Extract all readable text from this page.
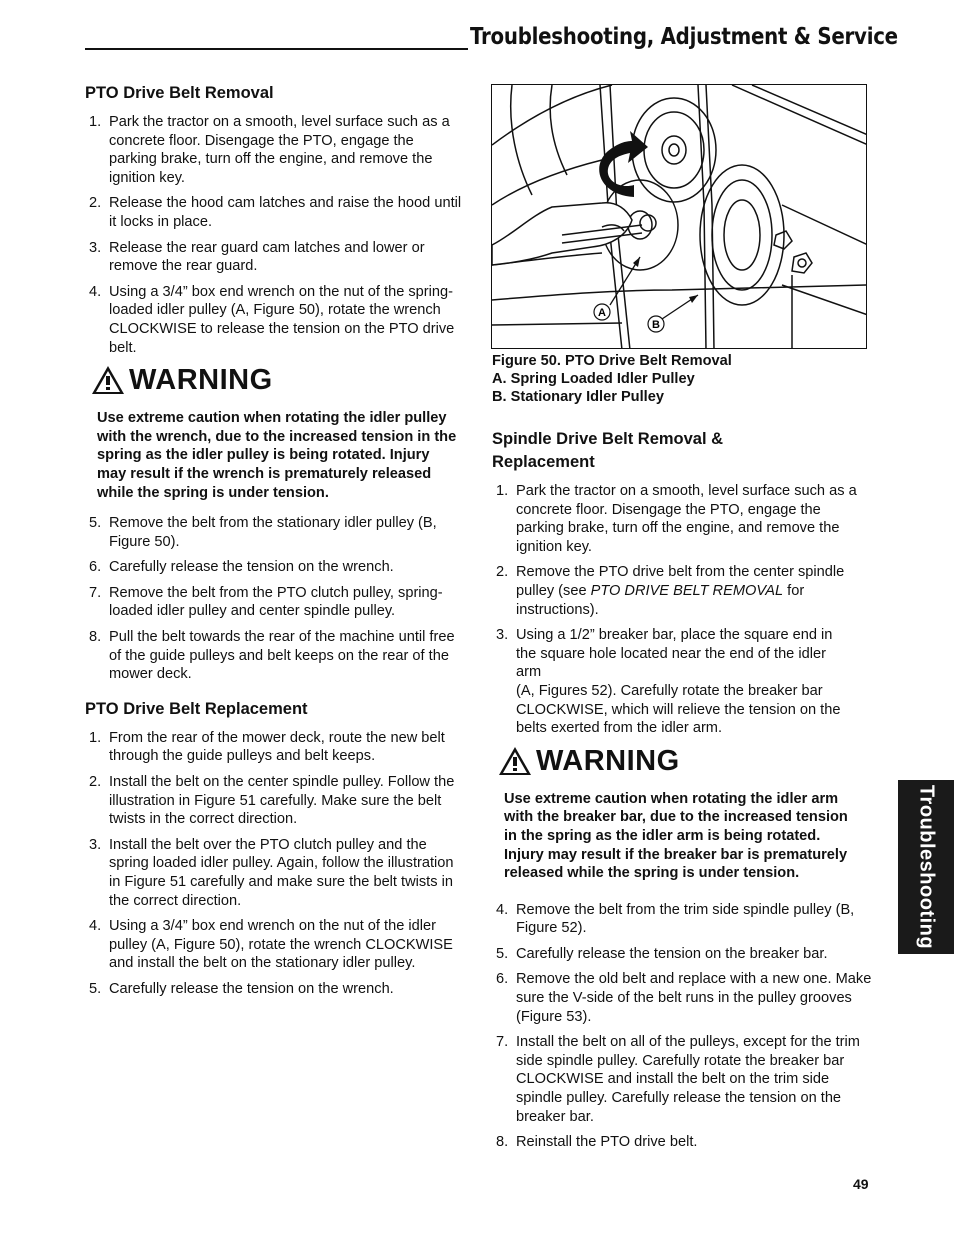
Troubleshooting, Adjustment & Service
PTO Drive Belt Removal
1. Park the tractor on a smooth, level surface such as a concrete floor. Disengage the PTO, engage the parking brake, turn off the engine, and remove the ignition key.
2. Release the hood cam latches and raise the hood until it locks in place.
3. Release the rear guard cam latches and lower or remove the rear guard.
4. Using a 3/4” box end wrench on the nut of the spring-loaded idler pulley (A, Figure 50), rotate the wrench CLOCKWISE to release the tension on the PTO drive belt.
WARNING
Use extreme caution when rotating the idler pulley with the wrench, due to the increased tension in the spring as the idler pulley is being rotated. Injury may result if the wrench is prematurely released while the spring is under tension.
5. Remove the belt from the stationary idler pulley (B, Figure 50).
6. Carefully release the tension on the wrench.
7. Remove the belt from the PTO clutch pulley, spring-loaded idler pulley and center spindle pulley.
8. Pull the belt towards the rear of the machine until free of the guide pulleys and belt keeps on the rear of the mower deck.
PTO Drive Belt Replacement
1. From the rear of the mower deck, route the new belt through the guide pulleys and belt keeps.
2. Install the belt on the center spindle pulley. Follow the illustration in Figure 51 carefully. Make sure the belt twists in the correct direction.
3. Install the belt over the PTO clutch pulley and the spring loaded idler pulley. Again, follow the illustration in Figure 51 carefully and make sure the belt twists in the correct direction.
4. Using a 3/4” box end wrench on the nut of the idler pulley (A, Figure 50), rotate the wrench CLOCKWISE and install the belt on the stationary idler pulley.
5. Carefully release the tension on the wrench.
A
B
Figure 50. PTO Drive Belt Removal
A. Spring Loaded Idler Pulley
B. Stationary Idler Pulley
Spindle Drive Belt Removal & Replacement
1. Park the tractor on a smooth, level surface such as a concrete floor. Disengage the PTO, engage the parking brake, turn off the engine, and remove the ignition key.
2. Remove the PTO drive belt from the center spindle pulley (see PTO DRIVE BELT REMOVAL for instructions).
3. Using a 1/2” breaker bar, place the square end in the square hole located near the end of the idler arm
(A, Figures 52). Carefully rotate the breaker bar CLOCKWISE, which will relieve the tension on the belts exerted from the idler arm.
WARNING
Use extreme caution when rotating the idler arm with the breaker bar, due to the increased tension in the spring as the idler arm is being rotated. Injury may result if the breaker bar is prematurely released while the spring is under tension.
4. Remove the belt from the trim side spindle pulley (B, Figure 52).
5. Carefully release the tension on the breaker bar.
6. Remove the old belt and replace with a new one. Make sure the V-side of the belt runs in the pulley grooves (Figure 53).
7. Install the belt on all of the pulleys, except for the trim side spindle pulley. Carefully rotate the breaker bar CLOCKWISE and install the belt on the trim side spindle pulley. Carefully release the tension on the breaker bar.
8. Reinstall the PTO drive belt.
Troubleshooting
49
